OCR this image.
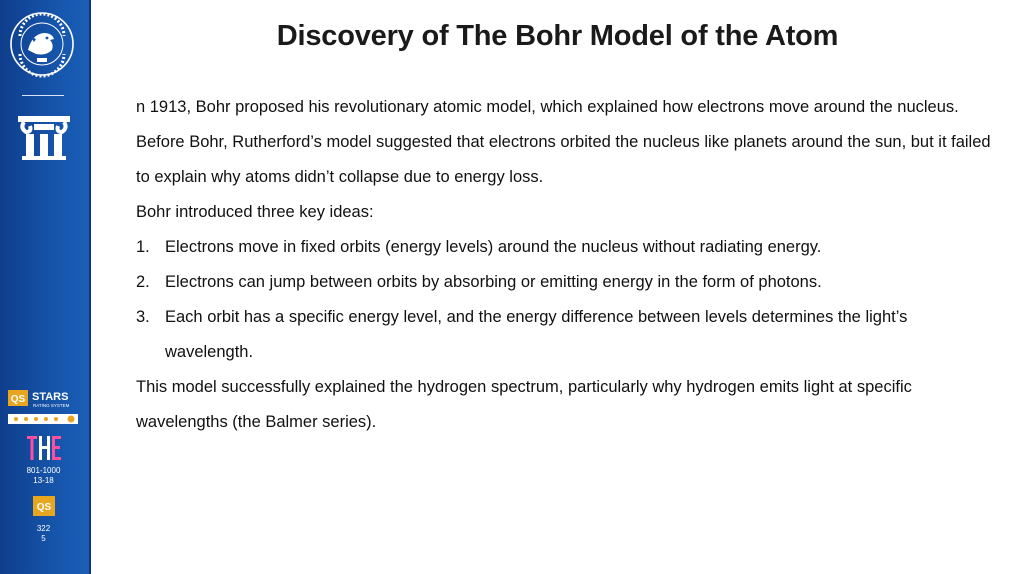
QS STARS
RATING SYSTEM
801-1000
13-18
QS
322
5
Discovery of The Bohr Model of the Atom

n 1913, Bohr proposed his revolutionary atomic model, which explained how electrons move around the nucleus. Before Bohr, Rutherford’s model suggested that electrons orbited the nucleus like planets around the sun, but it failed to explain why atoms didn’t collapse due to energy loss.

Bohr introduced three key ideas:

1. Electrons move in fixed orbits (energy levels) around the nucleus without radiating energy.
2. Electrons can jump between orbits by absorbing or emitting energy in the form of photons.
3. Each orbit has a specific energy level, and the energy difference between levels determines the light’s wavelength.

This model successfully explained the hydrogen spectrum, particularly why hydrogen emits light at specific wavelengths (the Balmer series).
